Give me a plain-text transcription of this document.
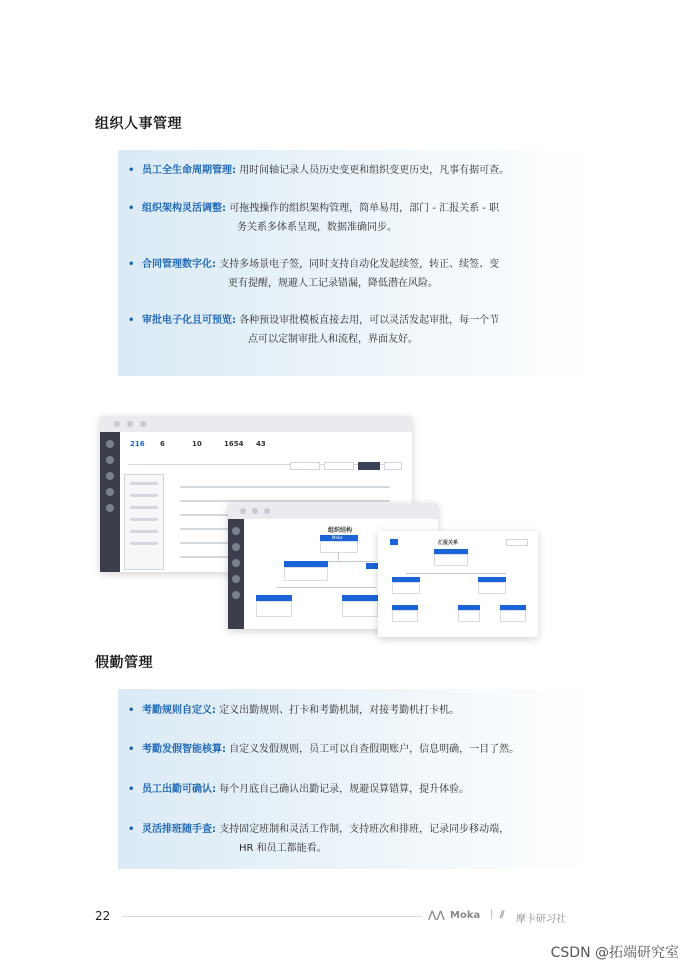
组织人事管理
• 员工全生命周期管理: 用时间轴记录人员历史变更和组织变更历史，凡事有据可查。
• 组织架构灵活调整: 可拖拽操作的组织架构管理，简单易用，部门 - 汇报关系 - 职
务关系多体系呈现，数据准确同步。
• 合同管理数字化: 支持多场景电子签，同时支持自动化发起续签，转正、续签、变
更有提醒，规避人工记录错漏，降低潜在风险。
• 审批电子化且可预览: 各种预设审批模板直接去用，可以灵活发起审批，每一个节
点可以定制审批人和流程，界面友好。
216 6	10	1654 43
组织结构
Moka
汇报关系
假勤管理
• 考勤规则自定义: 定义出勤规则、打卡和考勤机制，对接考勤机打卡机。
• 考勤发假智能核算: 自定义发假规则，员工可以自查假期账户，信息明确，一目了然。
• 员工出勤可确认: 每个月底自己确认出勤记录，规避误算错算，提升体验。
• 灵活排班随手查: 支持固定班制和灵活工作制，支持班次和排班，记录同步移动端，
HR 和员工都能看。
22	⋀⋀ Moka | ⫽ 摩卡研习社
CSDN @拓端研究室
